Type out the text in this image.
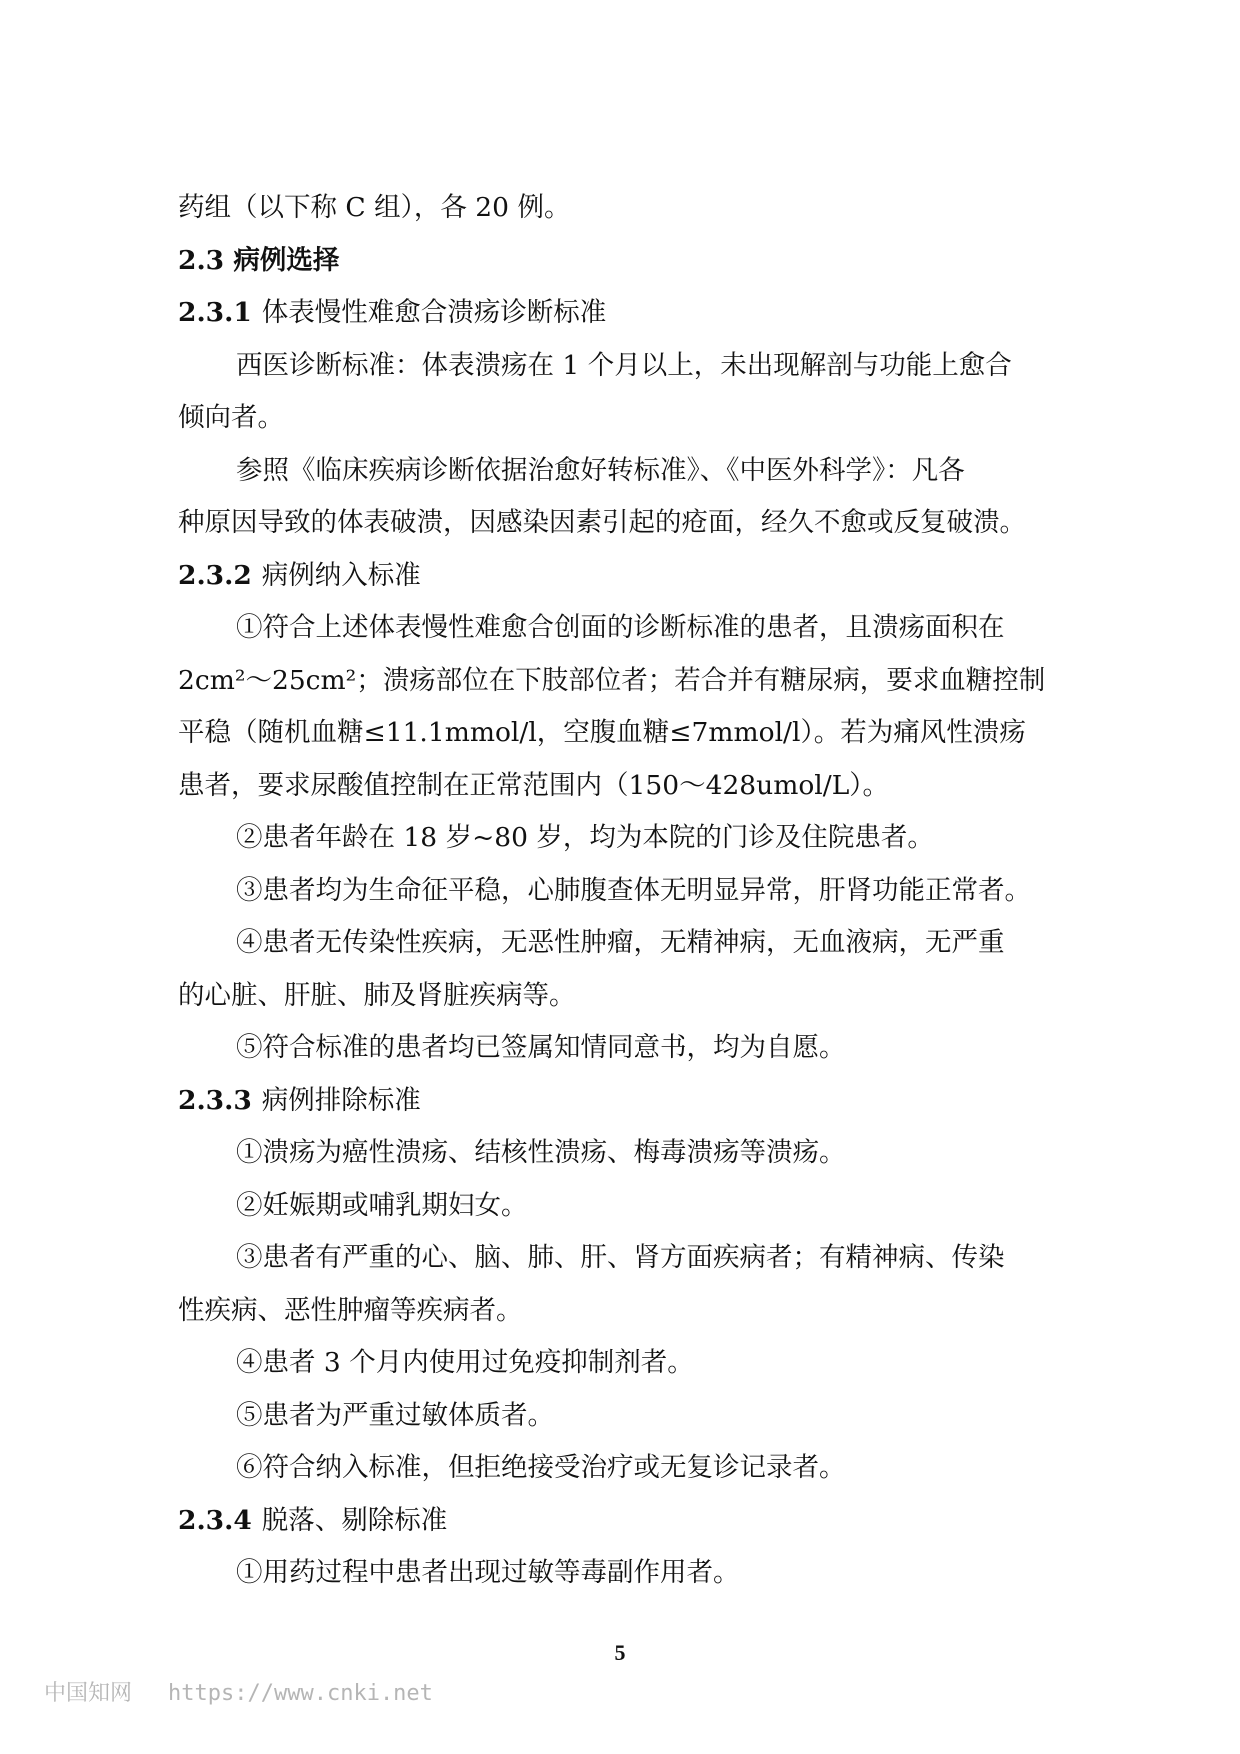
药组（以下称 C 组），各 20 例。
2.3 病例选择
2.3.1 体表慢性难愈合溃疡诊断标准
西医诊断标准：体表溃疡在 1 个月以上，未出现解剖与功能上愈合
倾向者。
参照《临床疾病诊断依据治愈好转标准》、《中医外科学》：凡各
种原因导致的体表破溃，因感染因素引起的疮面，经久不愈或反复破溃。
2.3.2 病例纳入标准
①符合上述体表慢性难愈合创面的诊断标准的患者，且溃疡面积在
2cm²～25cm²；溃疡部位在下肢部位者；若合并有糖尿病，要求血糖控制
平稳（随机血糖≤11.1mmol/l，空腹血糖≤7mmol/l）。若为痛风性溃疡
患者，要求尿酸值控制在正常范围内（150～428umol/L）。
②患者年龄在 18 岁~80 岁，均为本院的门诊及住院患者。
③患者均为生命征平稳，心肺腹查体无明显异常，肝肾功能正常者。
④患者无传染性疾病，无恶性肿瘤，无精神病，无血液病，无严重
的心脏、肝脏、肺及肾脏疾病等。
⑤符合标准的患者均已签属知情同意书，均为自愿。
2.3.3 病例排除标准
①溃疡为癌性溃疡、结核性溃疡、梅毒溃疡等溃疡。
②妊娠期或哺乳期妇女。
③患者有严重的心、脑、肺、肝、肾方面疾病者；有精神病、传染
性疾病、恶性肿瘤等疾病者。
④患者 3 个月内使用过免疫抑制剂者。
⑤患者为严重过敏体质者。
⑥符合纳入标准，但拒绝接受治疗或无复诊记录者。
2.3.4 脱落、剔除标准
①用药过程中患者出现过敏等毒副作用者。
5
中国知网 https://www.cnki.net
